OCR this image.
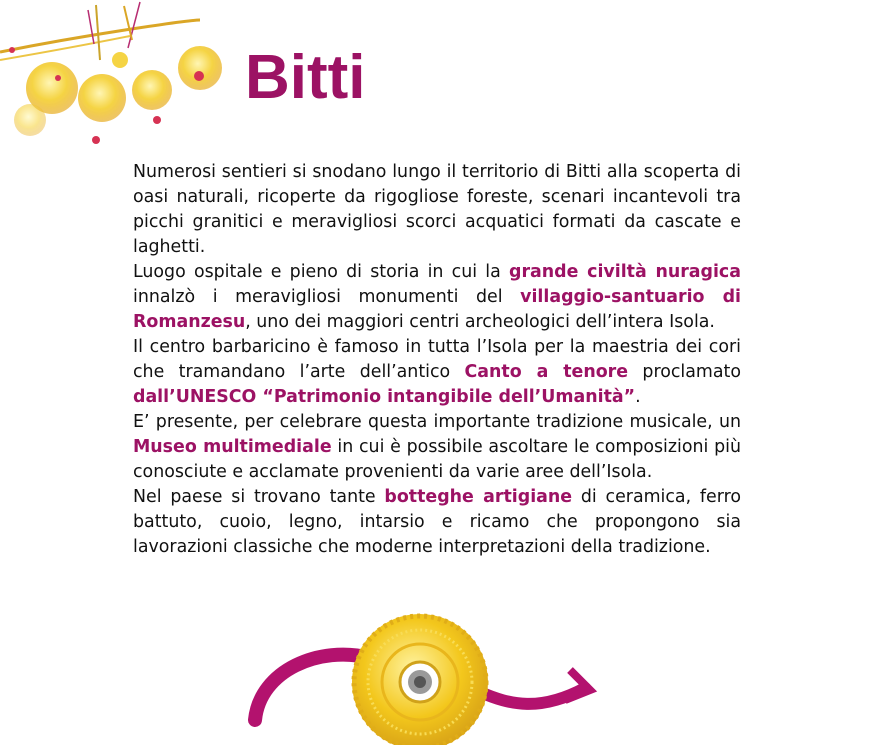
Bitti

Numerosi sentieri si snodano lungo il territorio di Bitti alla scoperta di oasi naturali, ricoperte da rigogliose foreste, scenari incantevoli tra picchi granitici e meravigliosi scorci acquatici formati da cascate e laghetti.

Luogo ospitale e pieno di storia in cui la grande civiltà nuragica innalzò i meravigliosi monumenti del villaggio-santuario di Romanzesu, uno dei maggiori centri archeologici dell’intera Isola.

Il centro barbaricino è famoso in tutta l’Isola per la maestria dei cori che tramandano l’arte dell’antico Canto a tenore proclamato dall’UNESCO “Patrimonio intangibile dell’Umanità”.

E’ presente, per celebrare questa importante tradizione musicale, un Museo multimediale in cui è possibile ascoltare le composizioni più conosciute e acclamate provenienti da varie aree dell’Isola.

Nel paese si trovano tante botteghe artigiane di ceramica, ferro battuto, cuoio, legno, intarsio e ricamo che propongono sia lavorazioni classiche che moderne interpretazioni della tradizione.
